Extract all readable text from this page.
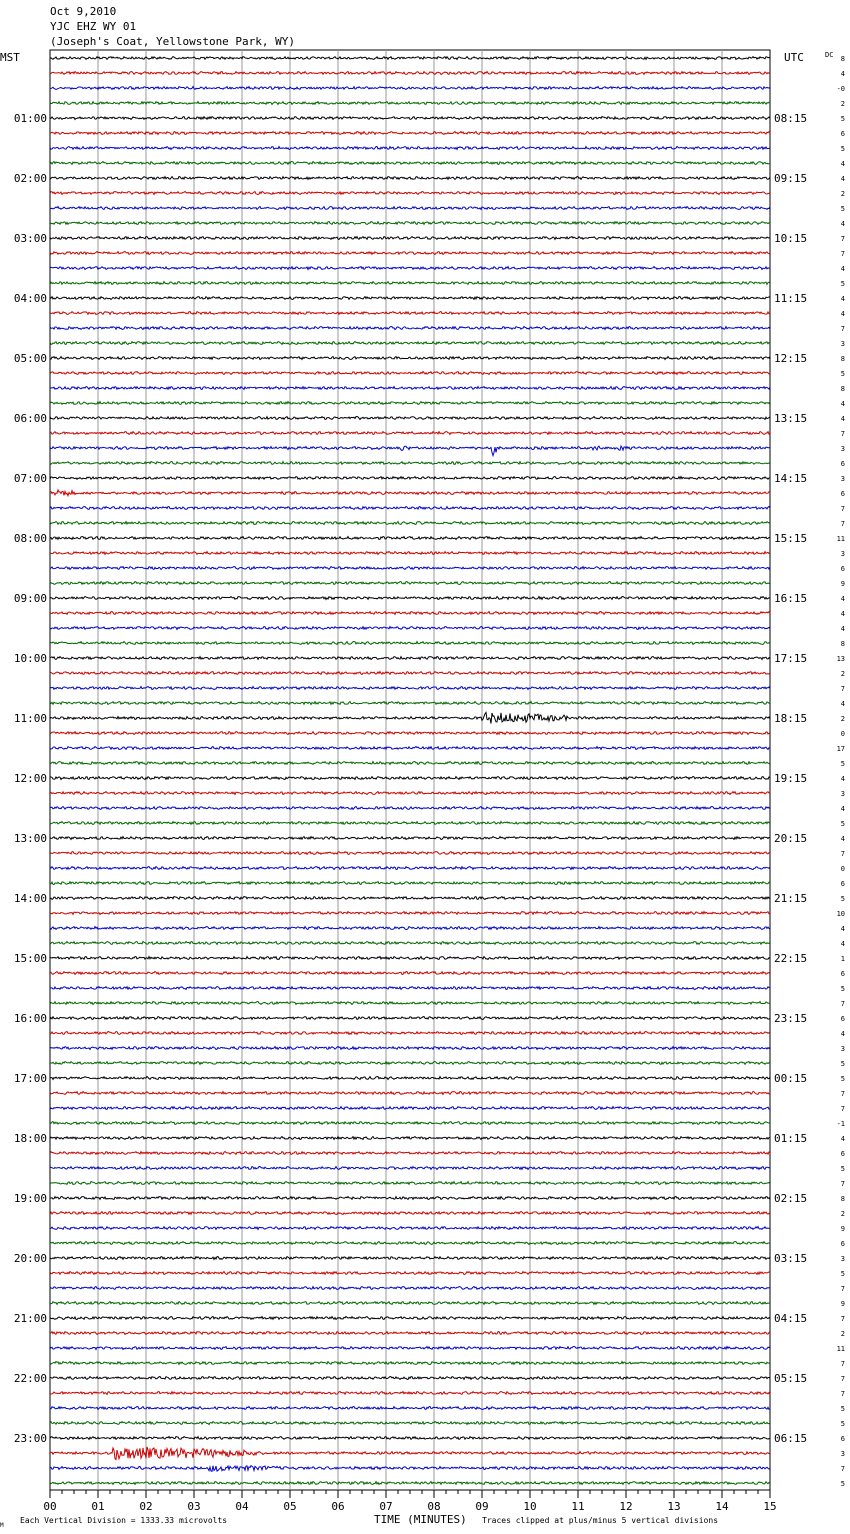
Oct 9,2010
YJC EHZ WY 01
(Joseph's Coat, Yellowstone Park, WY)
00	01	02	03	04	05	06	07	08	09	10	11	12	13	14	15
01:00
02:00
03:00
04:00
05:00
06:00
07:00
08:00
09:00
10:00
11:00
12:00
13:00
14:00
15:00
16:00
17:00
18:00
19:00
20:00
21:00
22:00
23:00
08:15
09:15
10:15
11:15
12:15
13:15
14:15
15:15
16:15
17:15
18:15
19:15
20:15
21:15
22:15
23:15
00:15
01:15
02:15
03:15
04:15
05:15
06:15
8
4
-0
2
5
6
5
4
4
2
5
4
7
7
4
5
4
4
7
3
8
5
8
4
4
7
3
6
3
6
7
7
11
3
6
9
4
4
4
8
13
2
7
4
2
0
17
5
4
3
4
5
4
7
0
6
5
10
4
4
1
6
5
7
6
4
3
5
5
7
7
-1
4
6
5
7
8
2
9
6
3
5
7
9
7
2
11
7
7
7
5
5
6
3
7
5
MST	UTC	DC
M
Each Vertical Division = 1333.33 microvolts	TIME (MINUTES) Traces clipped at plus/minus 5 vertical divisions
